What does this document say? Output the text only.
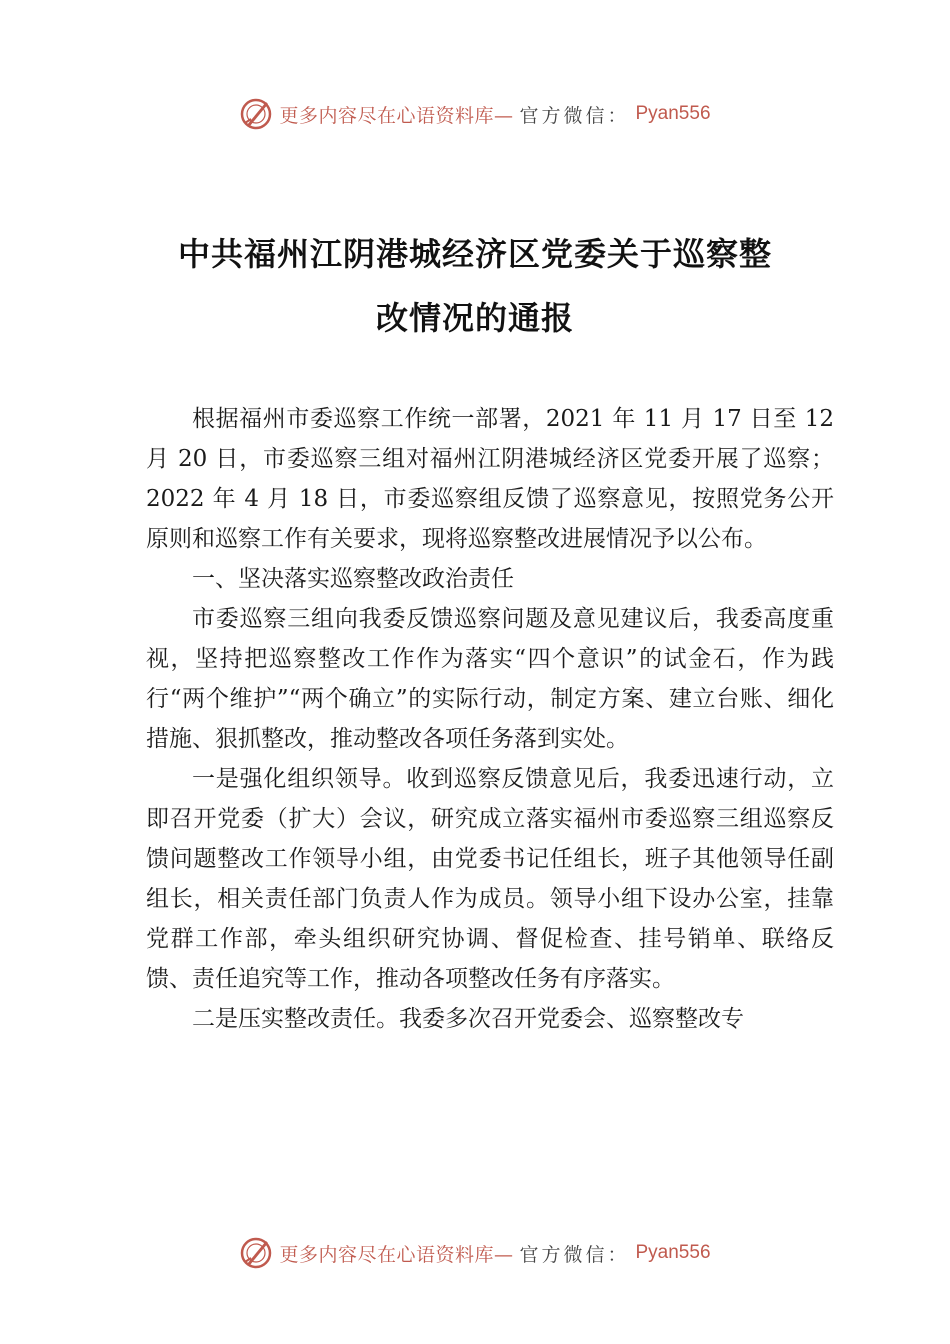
更多内容尽在心语资料库— 官方微信： Pyan556
中共福州江阴港城经济区党委关于巡察整
改情况的通报

根据福州市委巡察工作统一部署，2021 年 11 月 17 日至 12 月 20 日，市委巡察三组对福州江阴港城经济区党委开展了巡察；2022 年 4 月 18 日，市委巡察组反馈了巡察意见，按照党务公开原则和巡察工作有关要求，现将巡察整改进展情况予以公布。

一、坚决落实巡察整改政治责任

市委巡察三组向我委反馈巡察问题及意见建议后，我委高度重视，坚持把巡察整改工作作为落实“四个意识”的试金石，作为践行“两个维护”“两个确立”的实际行动，制定方案、建立台账、细化措施、狠抓整改，推动整改各项任务落到实处。

一是强化组织领导。收到巡察反馈意见后，我委迅速行动，立即召开党委（扩大）会议，研究成立落实福州市委巡察三组巡察反馈问题整改工作领导小组，由党委书记任组长，班子其他领导任副组长，相关责任部门负责人作为成员。领导小组下设办公室，挂靠党群工作部，牵头组织研究协调、督促检查、挂号销单、联络反馈、责任追究等工作，推动各项整改任务有序落实。

二是压实整改责任。我委多次召开党委会、巡察整改专

更多内容尽在心语资料库— 官方微信： Pyan556
